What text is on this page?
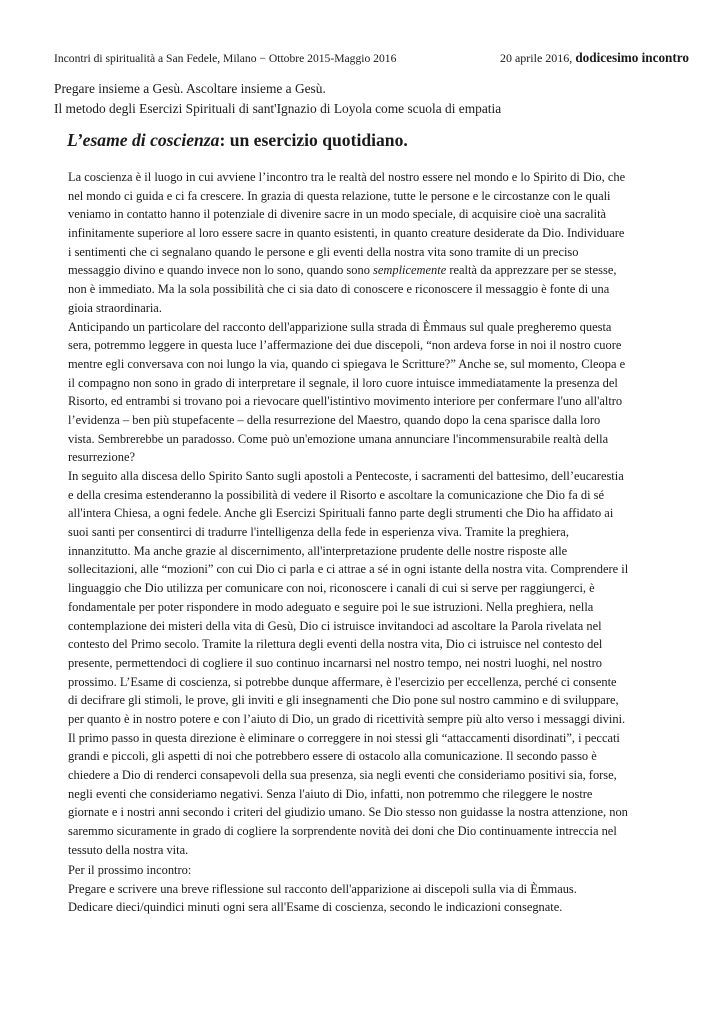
Incontri di spiritualità a San Fedele, Milano − Ottobre 2015-Maggio 2016	20 aprile 2016, dodicesimo incontro
Pregare insieme a Gesù. Ascoltare insieme a Gesù.
Il metodo degli Esercizi Spirituali di sant'Ignazio di Loyola come scuola di empatia
L’esame di coscienza: un esercizio quotidiano.
La coscienza è il luogo in cui avviene l’incontro tra le realtà del nostro essere nel mondo e lo Spirito di Dio, che
nel mondo ci guida e ci fa crescere. In grazia di questa relazione, tutte le persone e le circostanze con le quali
veniamo in contatto hanno il potenziale di divenire sacre in un modo speciale, di acquisire cioè una sacralità
infinitamente superiore al loro essere sacre in quanto esistenti, in quanto creature desiderate da Dio. Individuare
i sentimenti che ci segnalano quando le persone e gli eventi della nostra vita sono tramite di un preciso
messaggio divino e quando invece non lo sono, quando sono semplicemente realtà da apprezzare per se stesse,
non è immediato. Ma la sola possibilità che ci sia dato di conoscere e riconoscere il messaggio è fonte di una
gioia straordinaria.
Anticipando un particolare del racconto dell'apparizione sulla strada di Èmmaus sul quale pregheremo questa
sera, potremmo leggere in questa luce l’affermazione dei due discepoli, “non ardeva forse in noi il nostro cuore
mentre egli conversava con noi lungo la via, quando ci spiegava le Scritture?” Anche se, sul momento, Cleopa e
il compagno non sono in grado di interpretare il segnale, il loro cuore intuisce immediatamente la presenza del
Risorto, ed entrambi si trovano poi a rievocare quell'istintivo movimento interiore per confermare l'uno all'altro
l’evidenza – ben più stupefacente – della resurrezione del Maestro, quando dopo la cena sparisce dalla loro
vista. Sembrerebbe un paradosso. Come può un'emozione umana annunciare l'incommensurabile realtà della
resurrezione?
In seguito alla discesa dello Spirito Santo sugli apostoli a Pentecoste, i sacramenti del battesimo, dell’eucarestia
e della cresima estenderanno la possibilità di vedere il Risorto e ascoltare la comunicazione che Dio fa di sé
all'intera Chiesa, a ogni fedele. Anche gli Esercizi Spirituali fanno parte degli strumenti che Dio ha affidato ai
suoi santi per consentirci di tradurre l'intelligenza della fede in esperienza viva. Tramite la preghiera,
innanzitutto. Ma anche grazie al discernimento, all'interpretazione prudente delle nostre risposte alle
sollecitazioni, alle “mozioni” con cui Dio ci parla e ci attrae a sé in ogni istante della nostra vita. Comprendere il
linguaggio che Dio utilizza per comunicare con noi, riconoscere i canali di cui si serve per raggiungerci, è
fondamentale per poter rispondere in modo adeguato e seguire poi le sue istruzioni. Nella preghiera, nella
contemplazione dei misteri della vita di Gesù, Dio ci istruisce invitandoci ad ascoltare la Parola rivelata nel
contesto del Primo secolo. Tramite la rilettura degli eventi della nostra vita, Dio ci istruisce nel contesto del
presente, permettendoci di cogliere il suo continuo incarnarsi nel nostro tempo, nei nostri luoghi, nel nostro
prossimo. L’Esame di coscienza, si potrebbe dunque affermare, è l'esercizio per eccellenza, perché ci consente
di decifrare gli stimoli, le prove, gli inviti e gli insegnamenti che Dio pone sul nostro cammino e di sviluppare,
per quanto è in nostro potere e con l’aiuto di Dio, un grado di ricettività sempre più alto verso i messaggi divini.
Il primo passo in questa direzione è eliminare o correggere in noi stessi gli “attaccamenti disordinati”, i peccati
grandi e piccoli, gli aspetti di noi che potrebbero essere di ostacolo alla comunicazione. Il secondo passo è
chiedere a Dio di renderci consapevoli della sua presenza, sia negli eventi che consideriamo positivi sia, forse,
negli eventi che consideriamo negativi. Senza l'aiuto di Dio, infatti, non potremmo che rileggere le nostre
giornate e i nostri anni secondo i criteri del giudizio umano. Se Dio stesso non guidasse la nostra attenzione, non
saremmo sicuramente in grado di cogliere la sorprendente novità dei doni che Dio continuamente intreccia nel
tessuto della nostra vita.
Per il prossimo incontro:
Pregare e scrivere una breve riflessione sul racconto dell'apparizione ai discepoli sulla via di Èmmaus.
Dedicare dieci/quindici minuti ogni sera all'Esame di coscienza, secondo le indicazioni consegnate.
